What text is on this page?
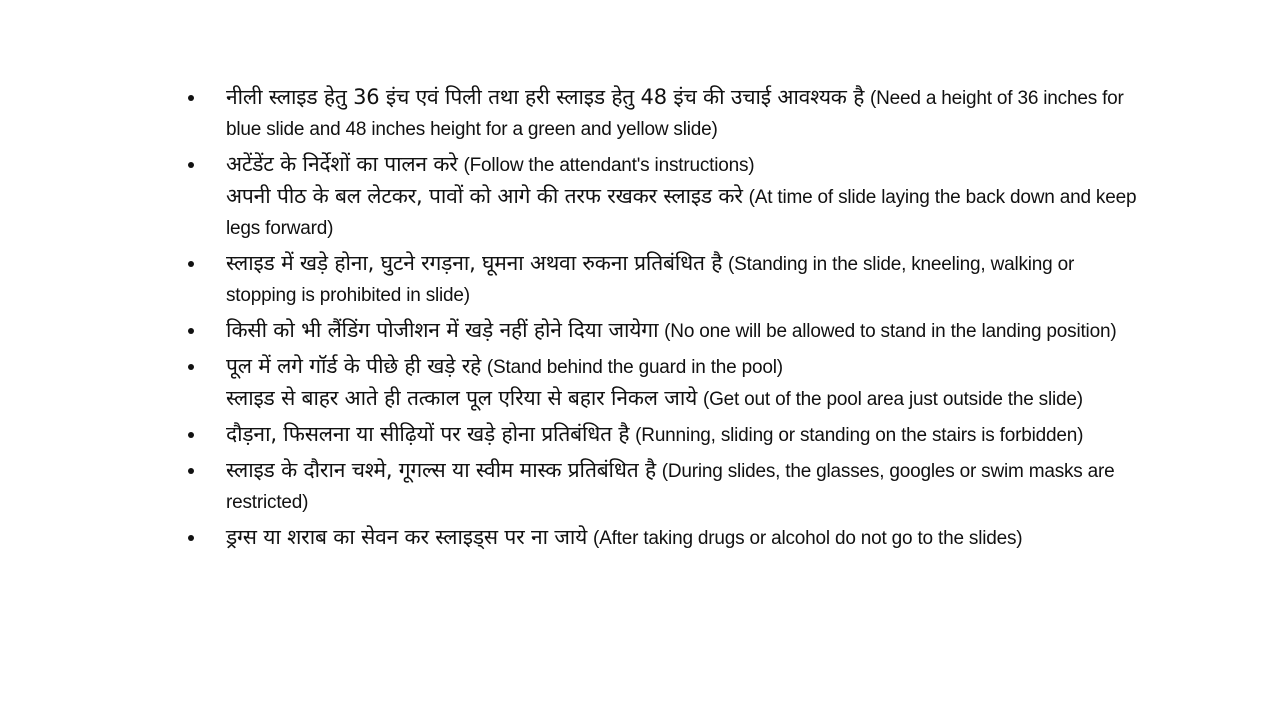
नीली स्लाइड हेतु 36 इंच एवं पिली तथा हरी स्लाइड हेतु 48 इंच की उचाई आवश्यक है (Need a height of 36 inches for blue slide and 48 inches height for a green and yellow slide)
अटेंडेंट के निर्देशों का पालन करे (Follow the attendant's instructions)
अपनी पीठ के बल लेटकर, पावों को आगे की तरफ रखकर स्लाइड करे (At time of slide laying the back down and keep legs forward)
स्लाइड में खड़े होना, घुटने रगड़ना, घूमना अथवा रुकना प्रतिबंधित है (Standing in the slide, kneeling, walking or stopping is prohibited in slide)
किसी को भी लैंडिंग पोजीशन में खड़े नहीं होने दिया जायेगा (No one will be allowed to stand in the landing position)
पूल में लगे गॉर्ड के पीछे ही खड़े रहे (Stand behind the guard in the pool)
स्लाइड से बाहर आते ही तत्काल पूल एरिया से बहार निकल जाये (Get out of the pool area just outside the slide)
दौड़ना, फिसलना या सीढ़ियों पर खड़े होना प्रतिबंधित है (Running, sliding or standing on the stairs is forbidden)
स्लाइड के दौरान चश्मे, गूगल्स या स्वीम मास्क प्रतिबंधित है (During slides, the glasses, googles or swim masks are restricted)
ड्रग्स या शराब का सेवन कर स्लाइड्स पर ना जाये (After taking drugs or alcohol do not go to the slides)
